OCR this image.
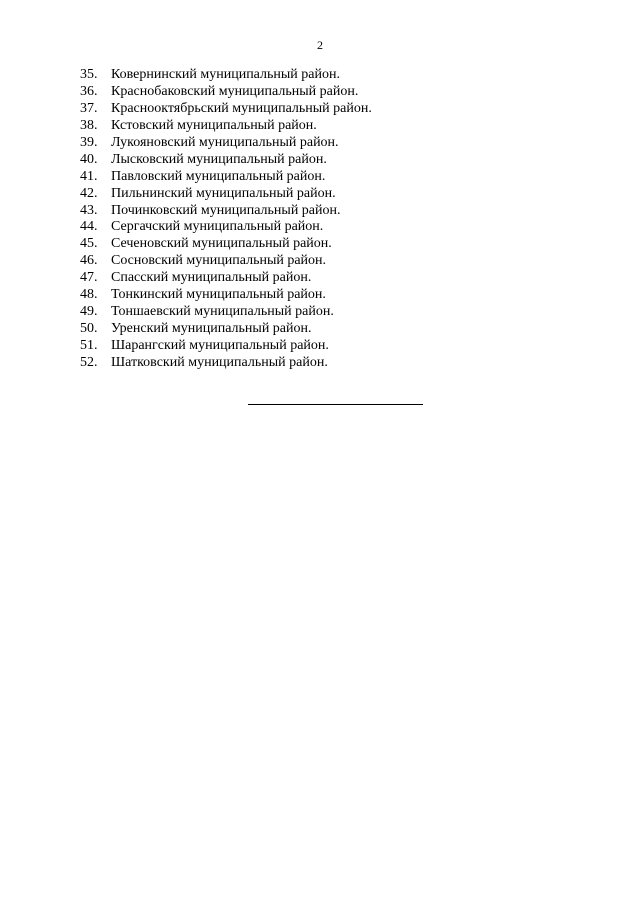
2
35. Ковернинский муниципальный район.
36. Краснобаковский муниципальный район.
37. Краснооктябрьский муниципальный район.
38. Кстовский муниципальный район.
39. Лукояновский муниципальный район.
40. Лысковский муниципальный район.
41. Павловский муниципальный район.
42. Пильнинский муниципальный район.
43. Починковский муниципальный район.
44. Сергачский муниципальный район.
45. Сеченовский муниципальный район.
46. Сосновский муниципальный район.
47. Спасский муниципальный район.
48. Тонкинский муниципальный район.
49. Тоншаевский муниципальный район.
50. Уренский муниципальный район.
51. Шарангский муниципальный район.
52. Шатковский муниципальный район.
